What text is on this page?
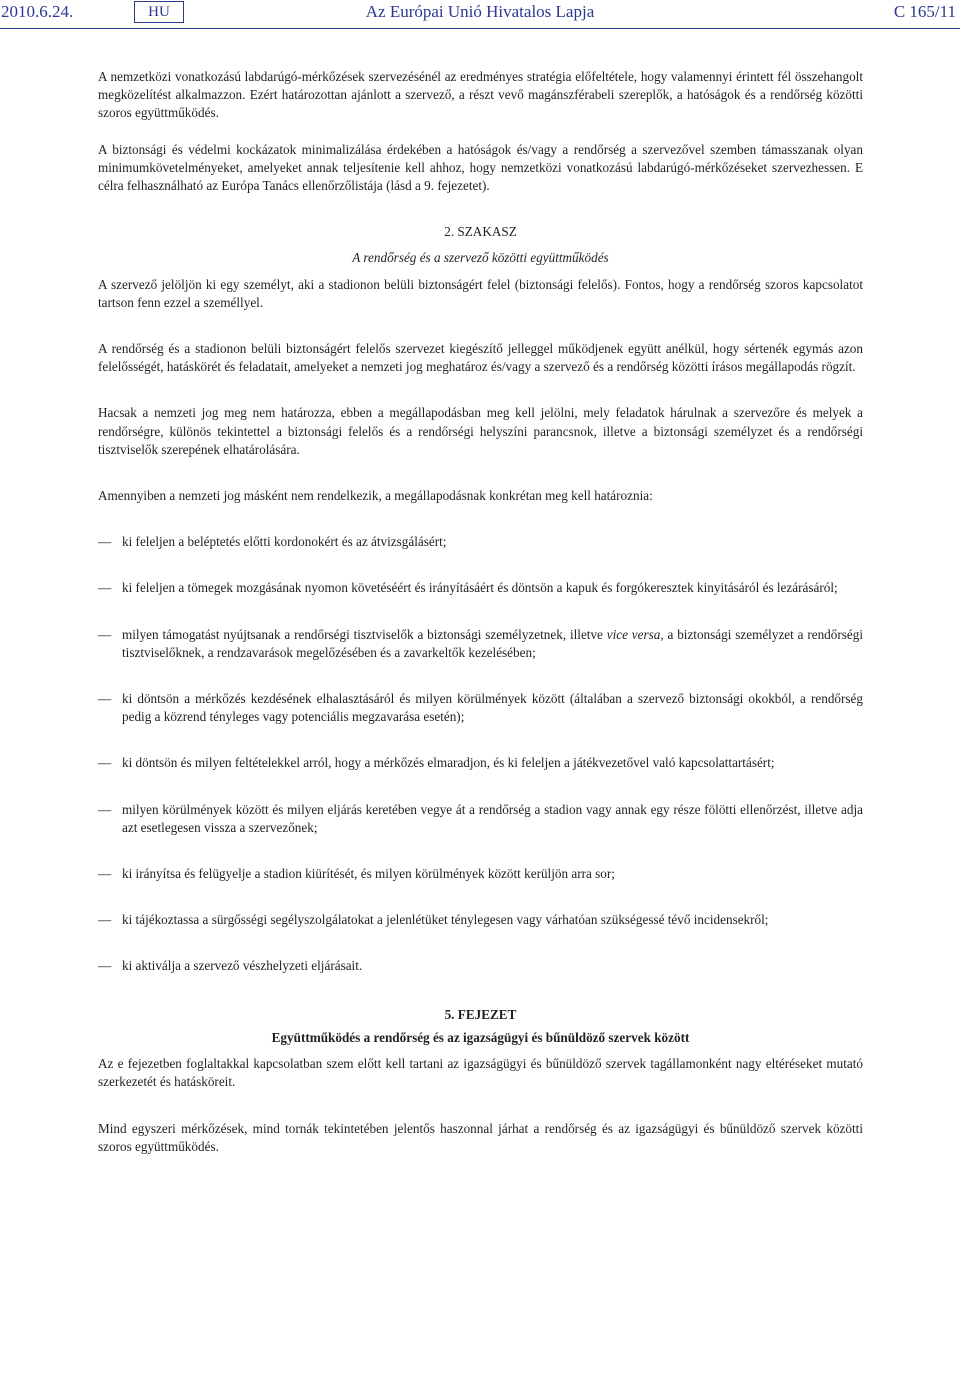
2010.6.24.	HU	Az Európai Unió Hivatalos Lapja	C 165/11

A nemzetközi vonatkozású labdarúgó-mérkőzések szervezésénél az eredményes stratégia előfeltétele, hogy valamennyi érintett fél összehangolt megközelítést alkalmazzon. Ezért határozottan ajánlott a szervező, a részt vevő magánszférabeli szereplők, a hatóságok és a rendőrség közötti szoros együttműködés.

A biztonsági és védelmi kockázatok minimalizálása érdekében a hatóságok és/vagy a rendőrség a szervezővel szemben támasszanak olyan minimumkövetelményeket, amelyeket annak teljesítenie kell ahhoz, hogy nemzetközi vonatkozású labdarúgó-mérkőzéseket szervezhessen. E célra felhasználható az Európa Tanács ellenőrzőlistája (lásd a 9. fejezetet).

2. SZAKASZ

A rendőrség és a szervező közötti együttműködés

A szervező jelöljön ki egy személyt, aki a stadionon belüli biztonságért felel (biztonsági felelős). Fontos, hogy a rendőrség szoros kapcsolatot tartson fenn ezzel a személlyel.

A rendőrség és a stadionon belüli biztonságért felelős szervezet kiegészítő jelleggel működjenek együtt anélkül, hogy sértenék egymás azon felelősségét, hatáskörét és feladatait, amelyeket a nemzeti jog meghatároz és/vagy a szervező és a rendőrség közötti írásos megállapodás rögzít.

Hacsak a nemzeti jog meg nem határozza, ebben a megállapodásban meg kell jelölni, mely feladatok hárulnak a szervezőre és melyek a rendőrségre, különös tekintettel a biztonsági felelős és a rendőrségi helyszíni parancsnok, illetve a biztonsági személyzet és a rendőrségi tisztviselők szerepének elhatárolására.

Amennyiben a nemzeti jog másként nem rendelkezik, a megállapodásnak konkrétan meg kell határoznia:

— ki feleljen a beléptetés előtti kordonokért és az átvizsgálásért;
— ki feleljen a tömegek mozgásának nyomon követéséért és irányításáért és döntsön a kapuk és forgókeresztek kinyitásáról és lezárásáról;
— milyen támogatást nyújtsanak a rendőrségi tisztviselők a biztonsági személyzetnek, illetve vice versa, a biztonsági személyzet a rendőrségi tisztviselőknek, a rendzavarások megelőzésében és a zavarkeltők kezelésében;
— ki döntsön a mérkőzés kezdésének elhalasztásáról és milyen körülmények között (általában a szervező biztonsági okokból, a rendőrség pedig a közrend tényleges vagy potenciális megzavarása esetén);
— ki döntsön és milyen feltételekkel arról, hogy a mérkőzés elmaradjon, és ki feleljen a játékvezetővel való kapcsolattartásért;
— milyen körülmények között és milyen eljárás keretében vegye át a rendőrség a stadion vagy annak egy része fölötti ellenőrzést, illetve adja azt esetlegesen vissza a szervezőnek;
— ki irányítsa és felügyelje a stadion kiürítését, és milyen körülmények között kerüljön arra sor;
— ki tájékoztassa a sürgősségi segélyszolgálatokat a jelenlétüket ténylegesen vagy várhatóan szükségessé tévő incidensekről;
— ki aktiválja a szervező vészhelyzeti eljárásait.

5. FEJEZET

Együttműködés a rendőrség és az igazságügyi és bűnüldöző szervek között

Az e fejezetben foglaltakkal kapcsolatban szem előtt kell tartani az igazságügyi és bűnüldöző szervek tagállamonként nagy eltéréseket mutató szerkezetét és hatásköreit.

Mind egyszeri mérkőzések, mind tornák tekintetében jelentős haszonnal járhat a rendőrség és az igazságügyi és bűnüldöző szervek közötti szoros együttműködés.
